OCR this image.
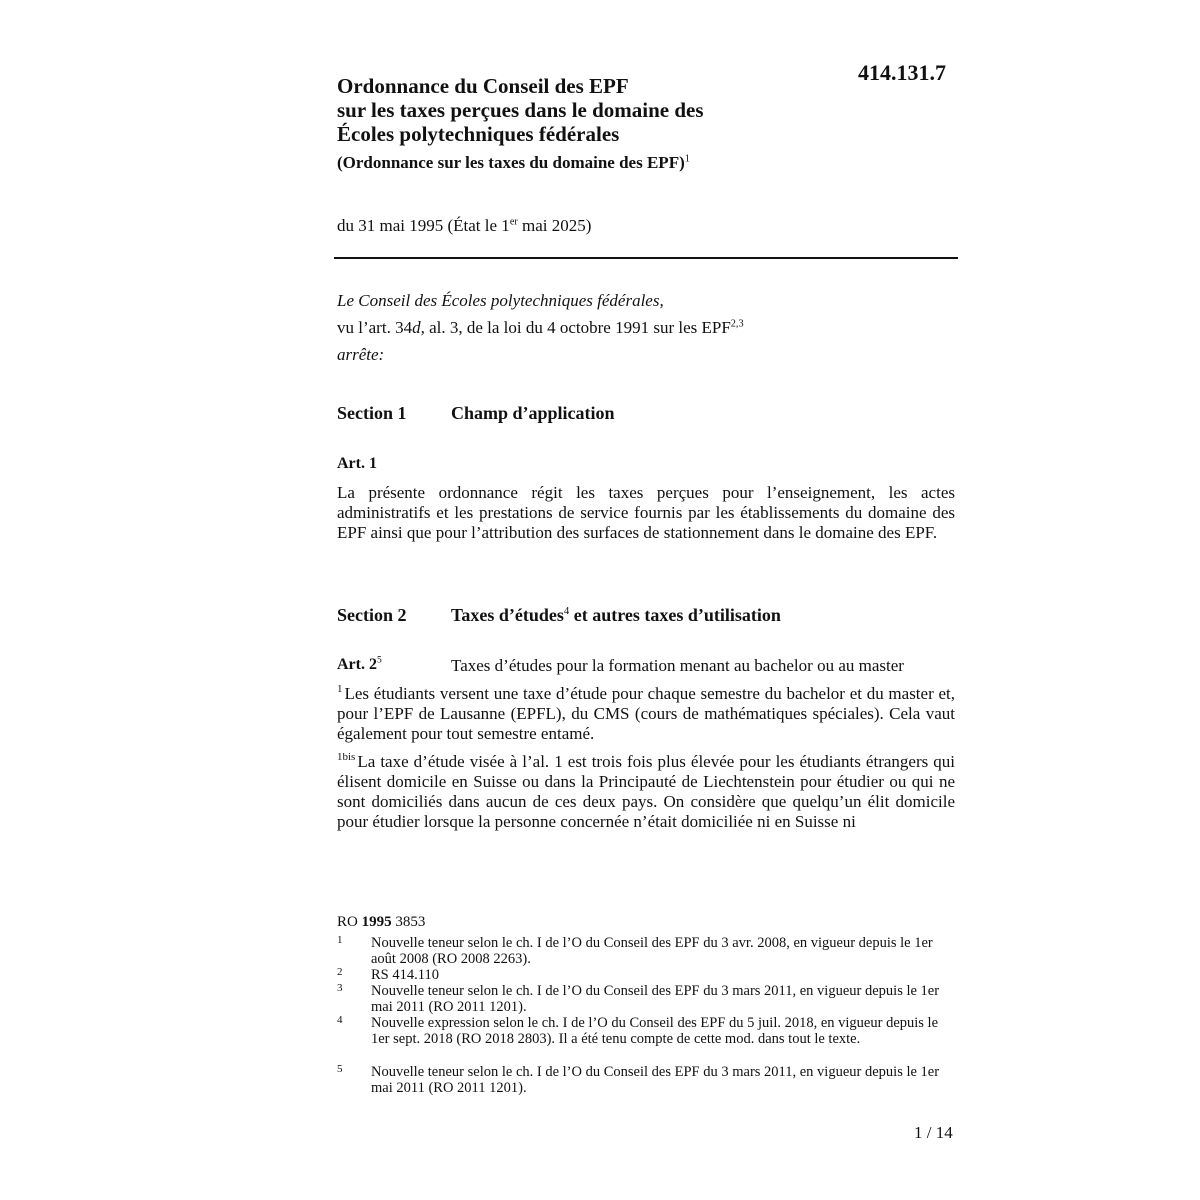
414.131.7
Ordonnance du Conseil des EPF
sur les taxes perçues dans le domaine des
Écoles polytechniques fédérales
(Ordonnance sur les taxes du domaine des EPF)$^1$
du 31 mai 1995 (État le 1er mai 2025)
Le Conseil des Écoles polytechniques fédérales,
vu l’art. 34d, al. 3, de la loi du 4 octobre 1991 sur les EPF$^{2,3}$
arrête:
Section 1 Champ d’application
Art. 1
La présente ordonnance régit les taxes perçues pour l’enseignement, les actes administratifs et les prestations de service fournis par les établissements du domaine des EPF ainsi que pour l’attribution des surfaces de stationnement dans le domaine des EPF.
Section 2 Taxes d’études$^4$ et autres taxes d’utilisation
Art. $2^5$	Taxes d’études pour la formation menant au bachelor ou au master
$^1$ Les étudiants versent une taxe d’étude pour chaque semestre du bachelor et du master et, pour l’EPF de Lausanne (EPFL), du CMS (cours de mathématiques spéciales). Cela vaut également pour tout semestre entamé.
$^{1bis}$ La taxe d’étude visée à l’al. 1 est trois fois plus élevée pour les étudiants étrangers qui élisent domicile en Suisse ou dans la Principauté de Liechtenstein pour étudier ou qui ne sont domiciliés dans aucun de ces deux pays. On considère que quelqu’un élit domicile pour étudier lorsque la personne concernée n’était domiciliée ni en Suisse ni
RO 1995 3853
1 Nouvelle teneur selon le ch. I de l’O du Conseil des EPF du 3 avr. 2008, en vigueur depuis le 1er août 2008 (RO 2008 2263).
2 RS 414.110
3 Nouvelle teneur selon le ch. I de l’O du Conseil des EPF du 3 mars 2011, en vigueur depuis le 1er mai 2011 (RO 2011 1201).
4 Nouvelle expression selon le ch. I de l’O du Conseil des EPF du 5 juil. 2018, en vigueur depuis le 1er sept. 2018 (RO 2018 2803). Il a été tenu compte de cette mod. dans tout le texte.
5 Nouvelle teneur selon le ch. I de l’O du Conseil des EPF du 3 mars 2011, en vigueur depuis le 1er mai 2011 (RO 2011 1201).
1 / 14
